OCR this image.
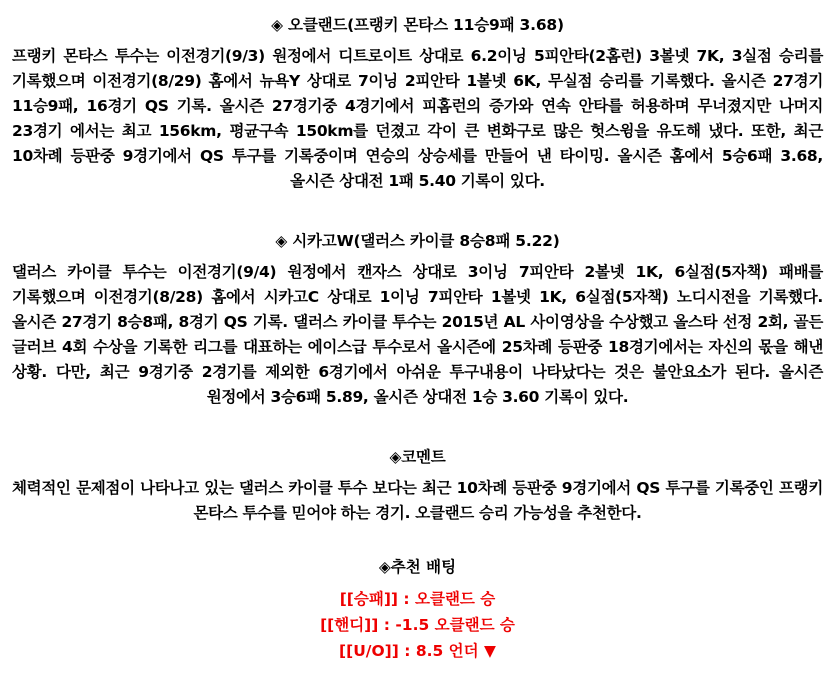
◈ 오클랜드(프랭키 몬타스 11승9패 3.68)
프랭키 몬타스 투수는 이전경기(9/3) 원정에서 디트로이트 상대로 6.2이닝 5피안타(2홈런) 3볼넷 7K, 3실점 승리를 기록했으며 이전경기(8/29) 홈에서 뉴욕Y 상대로 7이닝 2피안타 1볼넷 6K, 무실점 승리를 기록했다. 올시즌 27경기 11승9패, 16경기 QS 기록. 올시즌 27경기중 4경기에서 피홈런의 증가와 연속 안타를 허용하며 무너졌지만 나머지 23경기 에서는 최고 156km, 평균구속 150km를 던졌고 각이 큰 변화구로 많은 헛스윙을 유도해 냈다. 또한, 최근 10차례 등판중 9경기에서 QS 투구를 기록중이며 연승의 상승세를 만들어 낸 타이밍. 올시즌 홈에서 5승6패 3.68, 올시즌 상대전 1패 5.40 기록이 있다.
◈ 시카고W(댈러스 카이클 8승8패 5.22)
댈러스 카이클 투수는 이전경기(9/4) 원정에서 캔자스 상대로 3이닝 7피안타 2볼넷 1K, 6실점(5자책) 패배를 기록했으며 이전경기(8/28) 홈에서 시카고C 상대로 1이닝 7피안타 1볼넷 1K, 6실점(5자책) 노디시전을 기록했다. 올시즌 27경기 8승8패, 8경기 QS 기록. 댈러스 카이클 투수는 2015년 AL 사이영상을 수상했고 올스타 선정 2회, 골든 글러브 4회 수상을 기록한 리그를 대표하는 에이스급 투수로서 올시즌에 25차례 등판중 18경기에서는 자신의 몫을 해낸 상황. 다만, 최근 9경기중 2경기를 제외한 6경기에서 아쉬운 투구내용이 나타났다는 것은 불안요소가 된다. 올시즌 원정에서 3승6패 5.89, 올시즌 상대전 1승 3.60 기록이 있다.
◈코멘트
체력적인 문제점이 나타나고 있는 댈러스 카이클 투수 보다는 최근 10차례 등판중 9경기에서 QS 투구를 기록중인 프랭키 몬타스 투수를 믿어야 하는 경기. 오클랜드 승리 가능성을 추천한다.
◈추천 배팅
[[승패]] : 오클랜드 승
[[핸디]] : -1.5 오클랜드 승
[[U/O]] : 8.5 언더 ▼
